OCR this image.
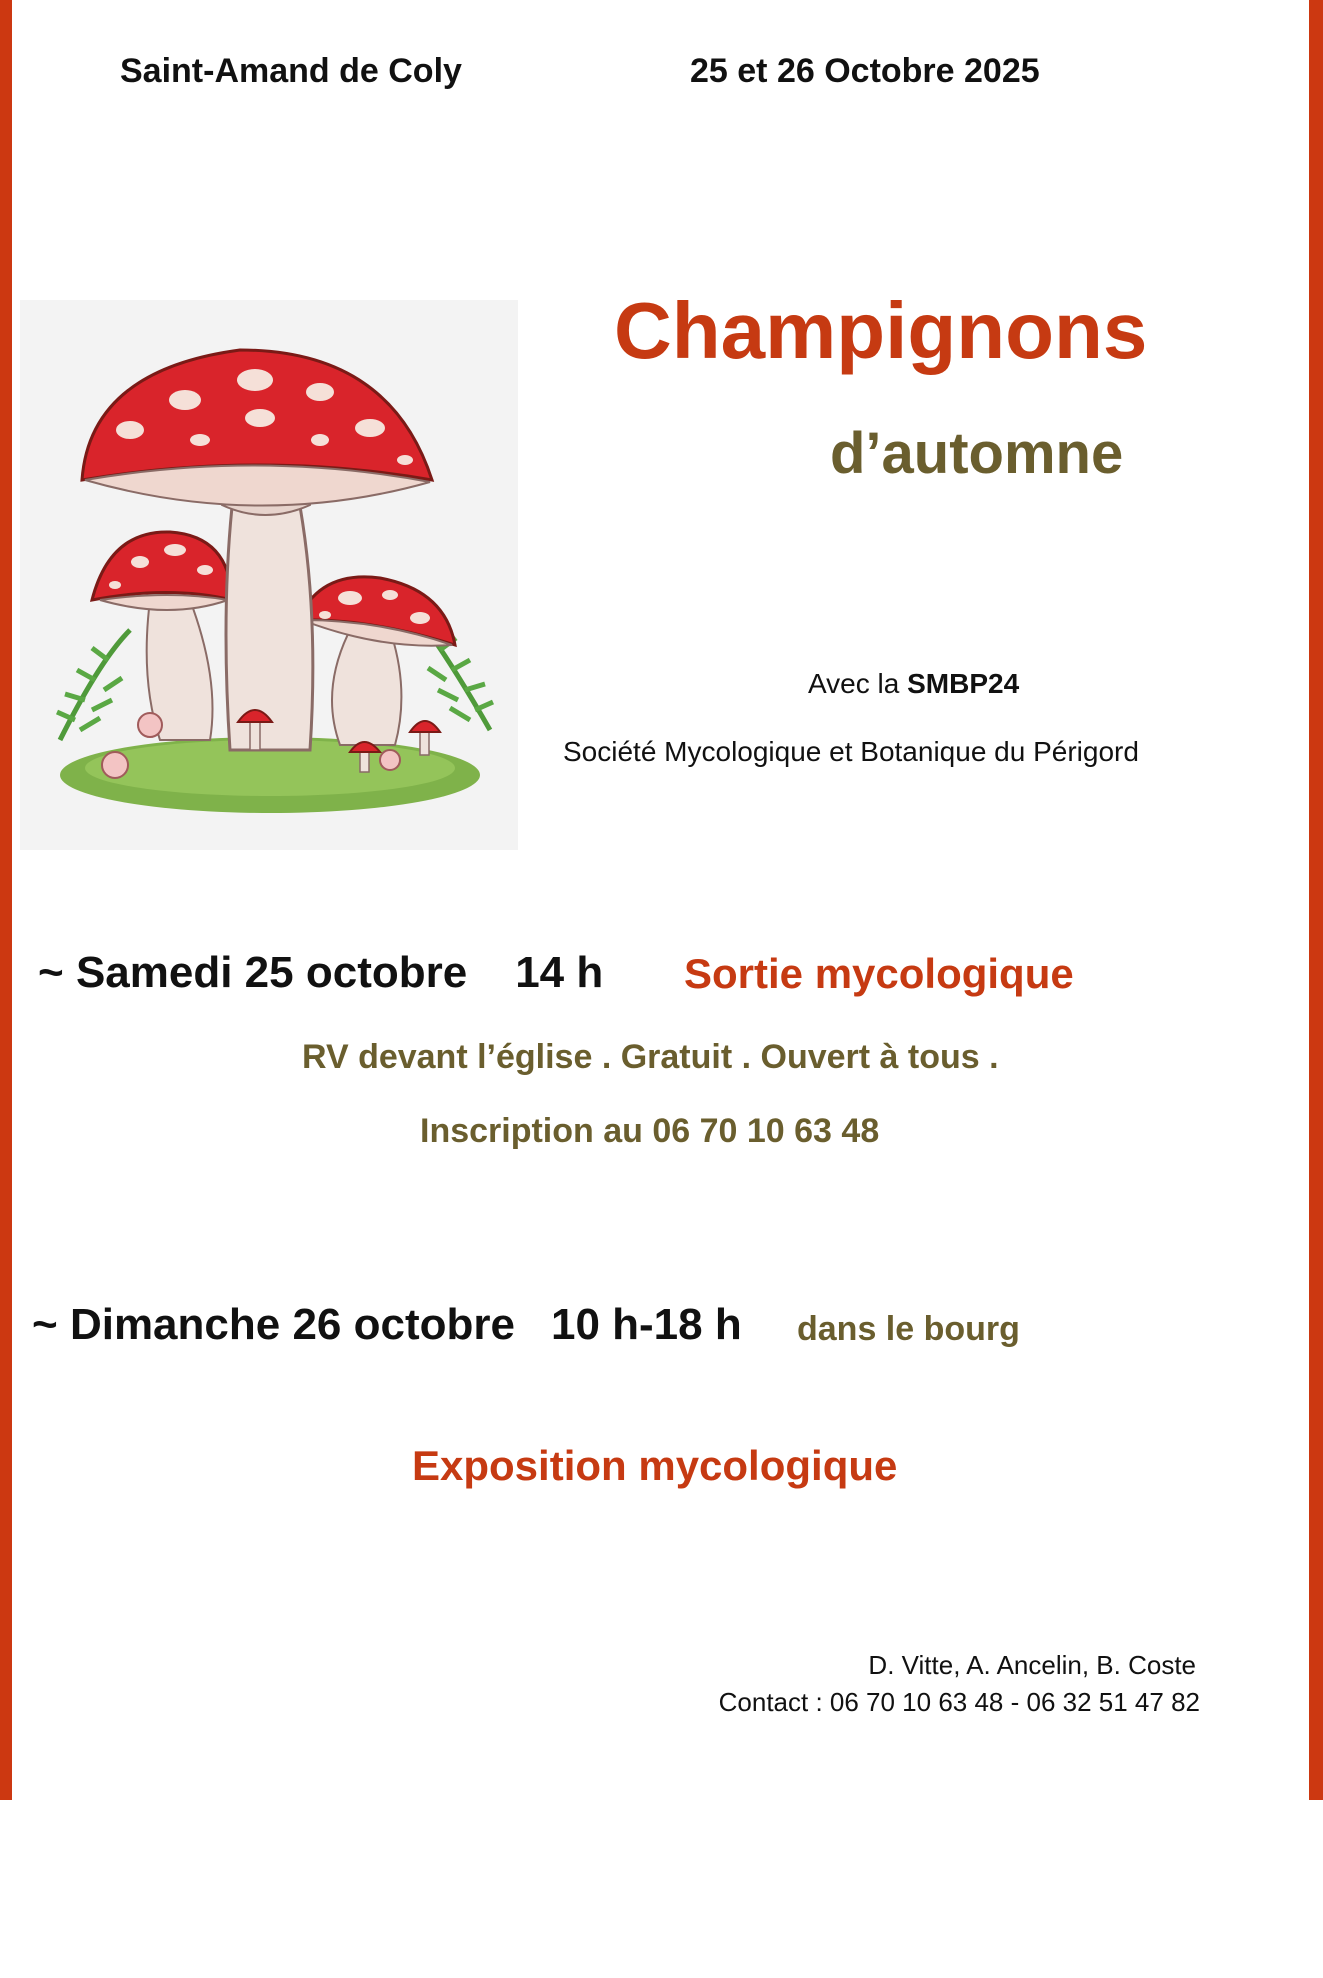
Saint-Amand de Coly	25 et 26 Octobre 2025
Champignons
d’automne
Avec la SMBP24
Société Mycologique et Botanique du Périgord
~ Samedi 25 octobre 14 h Sortie mycologique
RV devant l’église . Gratuit . Ouvert à tous .
Inscription au 06 70 10 63 48
~ Dimanche 26 octobre 10 h-18 h dans le bourg
Exposition mycologique
D. Vitte, A. Ancelin, B. Coste
Contact : 06 70 10 63 48 - 06 32 51 47 82
